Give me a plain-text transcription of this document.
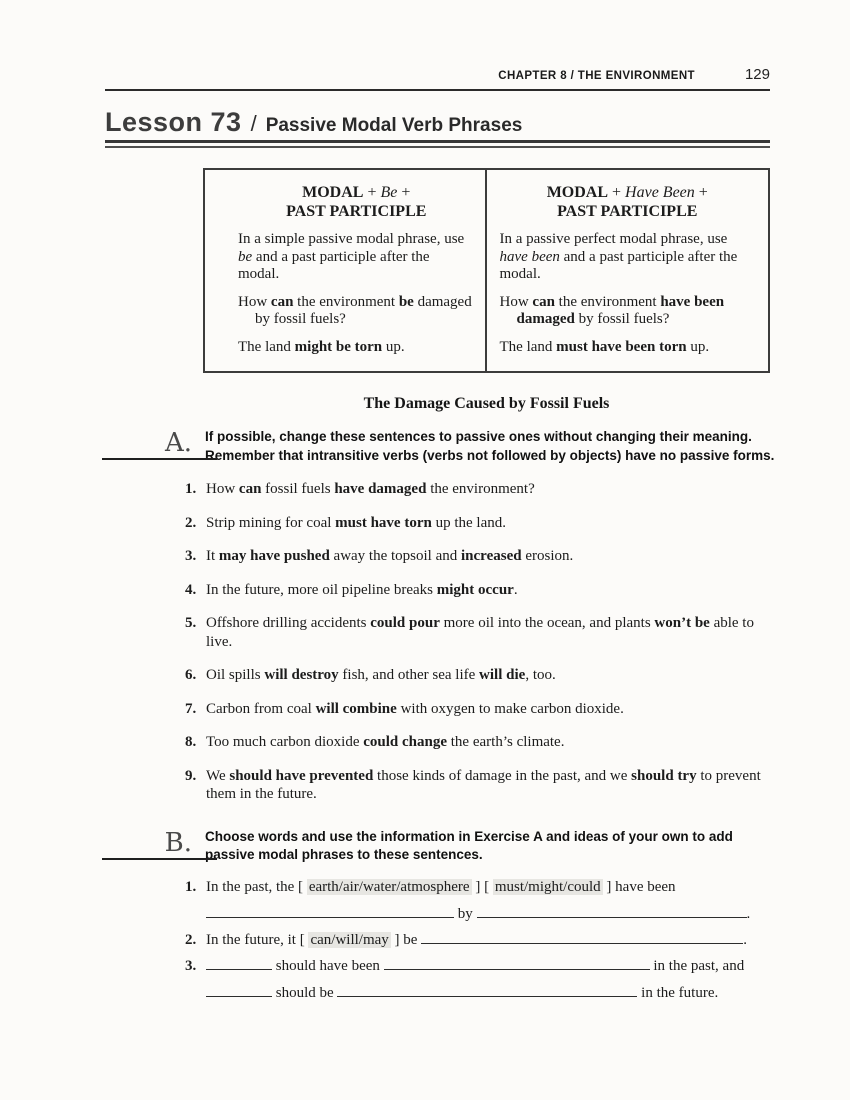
CHAPTER 8 / THE ENVIRONMENT	129
Lesson 73 / Passive Modal Verb Phrases
MODAL + Be +
PAST PARTICIPLE

In a simple passive modal phrase, use be and a past participle after the modal.

How can the environment be damaged by fossil fuels?

The land might be torn up.

MODAL + Have Been +
PAST PARTICIPLE

In a passive perfect modal phrase, use have been and a past participle after the modal.

How can the environment have been damaged by fossil fuels?

The land must have been torn up.

The Damage Caused by Fossil Fuels
A. If possible, change these sentences to passive ones without changing their meaning. Remember that intransitive verbs (verbs not followed by objects) have no passive forms.
1. How can fossil fuels have damaged the environment?
2. Strip mining for coal must have torn up the land.
3. It may have pushed away the topsoil and increased erosion.
4. In the future, more oil pipeline breaks might occur.
5. Offshore drilling accidents could pour more oil into the ocean, and plants won’t be able to live.
6. Oil spills will destroy fish, and other sea life will die, too.
7. Carbon from coal will combine with oxygen to make carbon dioxide.
8. Too much carbon dioxide could change the earth’s climate.
9. We should have prevented those kinds of damage in the past, and we should try to prevent them in the future.
B. Choose words and use the information in Exercise A and ideas of your own to add passive modal phrases to these sentences.
1. In the past, the [ earth/air/water/atmosphere ] [ must/might/could ] have been
by	.
2. In the future, it [ can/will/may ] be	.
3.	should have been	in the past, and
should be	in the future.
